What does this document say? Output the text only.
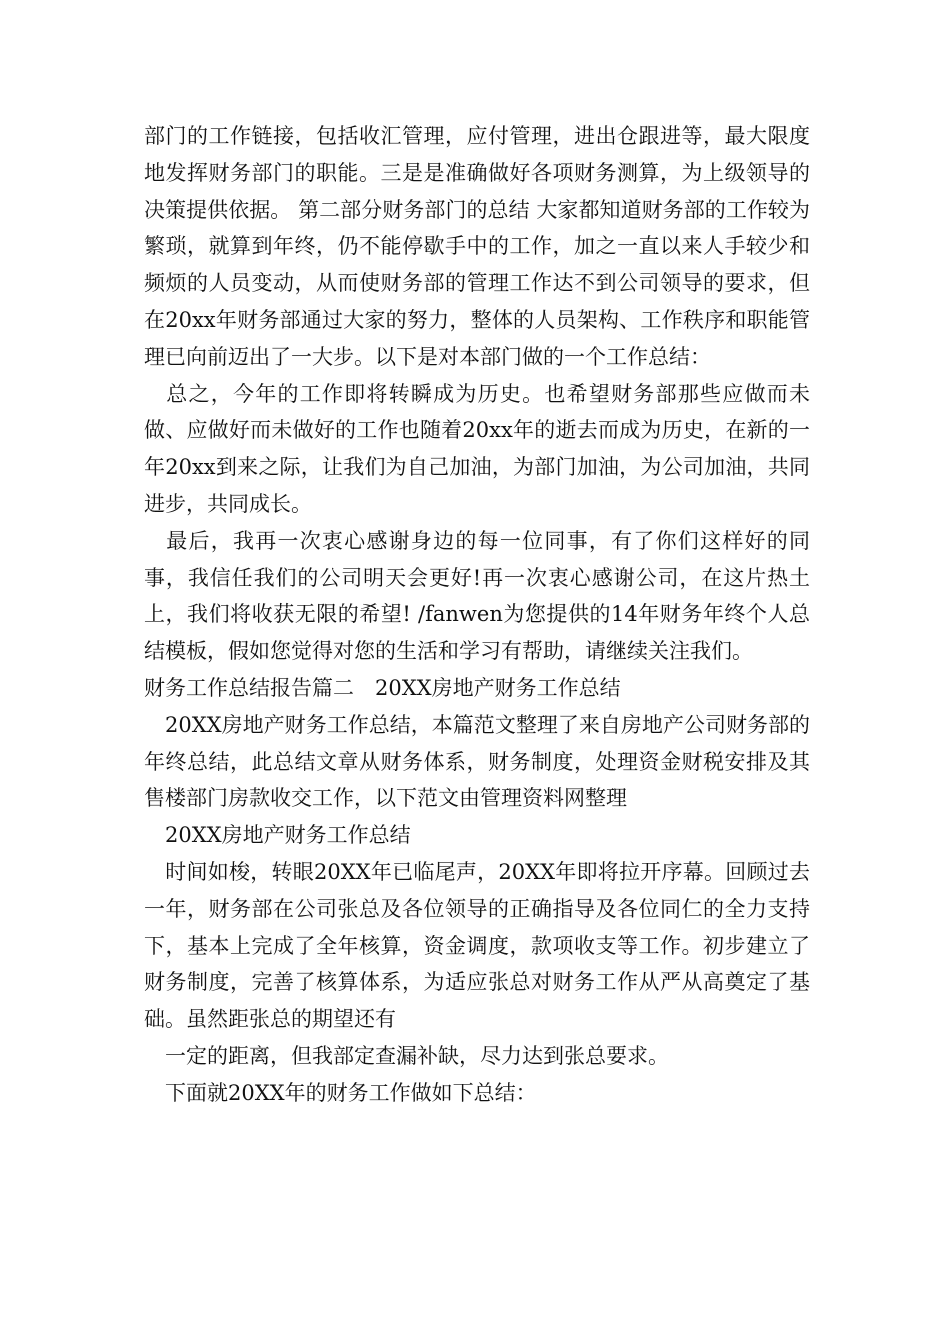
部门的工作链接，包括收汇管理，应付管理，进出仓跟进等，最大限度地发挥财务部门的职能。三是是准确做好各项财务测算，为上级领导的决策提供依据。 第二部分财务部门的总结 大家都知道财务部的工作较为繁琐，就算到年终，仍不能停歇手中的工作，加之一直以来人手较少和频烦的人员变动，从而使财务部的管理工作达不到公司领导的要求，但在20xx年财务部通过大家的努力，整体的人员架构、工作秩序和职能管理已向前迈出了一大步。以下是对本部门做的一个工作总结：

　总之，今年的工作即将转瞬成为历史。也希望财务部那些应做而未做、应做好而未做好的工作也随着20xx年的逝去而成为历史，在新的一年20xx到来之际，让我们为自己加油，为部门加油，为公司加油，共同进步，共同成长。

　最后，我再一次衷心感谢身边的每一位同事，有了你们这样好的同事，我信任我们的公司明天会更好!再一次衷心感谢公司，在这片热土上，我们将收获无限的希望! /fanwen为您提供的14年财务年终个人总结模板，假如您觉得对您的生活和学习有帮助，请继续关注我们。

财务工作总结报告篇二　20XX房地产财务工作总结

　20XX房地产财务工作总结，本篇范文整理了来自房地产公司财务部的年终总结，此总结文章从财务体系，财务制度，处理资金财税安排及其售楼部门房款收交工作，以下范文由管理资料网整理

　20XX房地产财务工作总结

　时间如梭，转眼20XX年已临尾声，20XX年即将拉开序幕。回顾过去一年，财务部在公司张总及各位领导的正确指导及各位同仁的全力支持下，基本上完成了全年核算，资金调度，款项收支等工作。初步建立了财务制度，完善了核算体系，为适应张总对财务工作从严从高奠定了基础。虽然距张总的期望还有

　一定的距离，但我部定查漏补缺，尽力达到张总要求。

　下面就20XX年的财务工作做如下总结：
